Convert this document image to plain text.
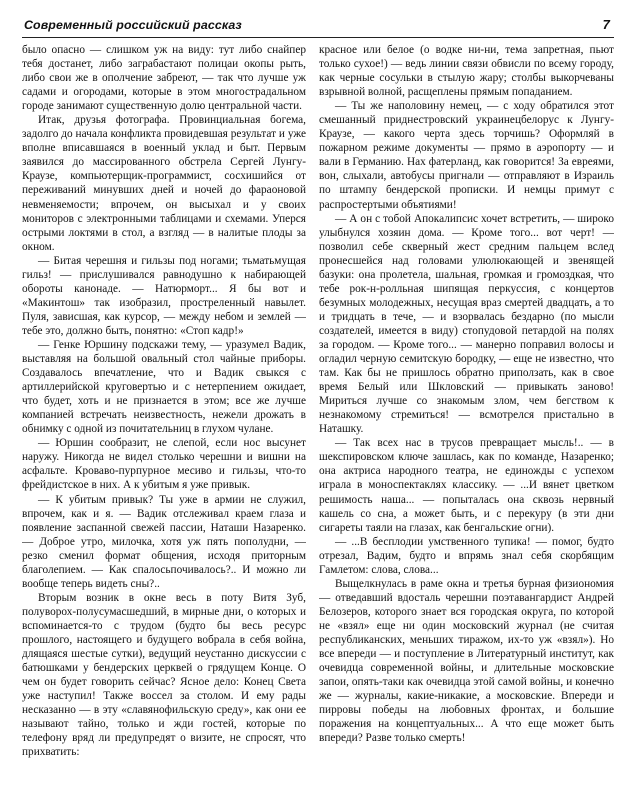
Современный российский рассказ	7

было опасно — слишком уж на виду: тут либо снайпер тебя достанет, либо заграбастают полицаи окопы рыть, либо свои же в ополчение забреют, — так что лучше уж садами и огородами, которые в этом многострадальном городе занимают существенную долю центральной части.

Итак, друзья фотографа. Провинциальная богема, задолго до начала конфликта провидевшая результат и уже вполне вписавшаяся в военный уклад и быт. Первым заявился до массированного обстрела Сергей Лунгу-Краузе, компьютерщик-программист, сосхишийся от переживаний минувших дней и ночей до фараоновой невменяемости; впрочем, он высыхал и у своих мониторов с электронными таблицами и схемами. Уперся острыми локтями в стол, а взгляд — в налитые плоды за окном.

— Битая черешня и гильзы под ногами; тьматьмущая гильз! — прислушивался равнодушно к набирающей обороты канонаде. — Натюрморт... Я бы вот и «Макинтош» так изобразил, простреленный навылет. Пуля, зависшая, как курсор, — между небом и землей — тебе это, должно быть, понятно: «Стоп кадр!»

— Генке Юршину подскажи тему, — уразумел Вадик, выставляя на большой овальный стол чайные приборы. Создавалось впечатление, что и Вадик свыкся с артиллерийской круговертью и с нетерпением ожидает, что будет, хоть и не признается в этом; все же лучше компанией встречать неизвестность, нежели дрожать в обнимку с одной из почитательниц в глухом чулане.

— Юршин сообразит, не слепой, если нос высунет наружу. Никогда не видел столько черешни и вишни на асфальте. Кроваво-пурпурное месиво и гильзы, что-то фрейдистское в них. А к убитым я уже привык.

— К убитым привык? Ты уже в армии не служил, впрочем, как и я. — Вадик отслеживал краем глаза и появление заспанной свежей пассии, Наташи Назаренко. — Доброе утро, милочка, хотя уж пять пополудни, — резко сменил формат общения, исходя приторным благолепием. — Как спалосьпочивалось?.. И можно ли вообще теперь видеть сны?..

Вторым возник в окне весь в поту Витя Зуб, полуворох-полусумасшедший, в мирные дни, о которых и вспоминается-то с трудом (будто бы весь ресурс прошлого, настоящего и будущего вобрала в себя война, длящаяся шестые сутки), ведущий неустанно дискуссии с батюшками у бендерских церквей о грядущем Конце. О чем он будет говорить сейчас? Ясное дело: Конец Света уже наступил! Также воссел за столом. И ему рады несказанно — в эту «славянофильскую среду», как они ее называют тайно, только и жди гостей, которые по телефону вряд ли предупредят о визите, не спросят, что прихватить:

красное или белое (о водке ни-ни, тема запретная, пьют только сухое!) — ведь линии связи обвисли по всему городу, как черные сосульки в стылую жару; столбы выкорчеваны взрывной волной, расщеплены прямым попаданием.

— Ты же наполовину немец, — с ходу обратился этот смешанный приднестровский украинецбелорус к Лунгу-Краузе, — какого черта здесь торчишь? Оформляй в пожарном режиме документы — прямо в аэропорту — и вали в Германию. Нах фатерланд, как говорится! За евреями, вон, слыхали, автобусы пригнали — отправляют в Израиль по штампу бендерской прописки. И немцы примут с распростертыми объятиями!

— А он с тобой Апокалипсис хочет встретить, — широко улыбнулся хозяин дома. — Кроме того... вот черт! — позволил себе скверный жест средним пальцем вслед пронесшейся над головами улюлюкающей и звенящей базуки: она пролетела, шальная, громкая и громоздкая, что тебе рок-н-ролльная шипящая перкуссия, с концертов безумных молодежных, несущая враз смертей двадцать, а то и тридцать в тече, — и взорвалась бездарно (по мысли создателей, имеется в виду) стопудовой петардой на полях за городом. — Кроме того... — манерно поправил волосы и огладил черную семитскую бородку, — еще не известно, что там. Как бы не пришлось обратно приползать, как в свое время Белый или Шкловский — привыкать заново! Мириться лучше со знакомым злом, чем бегством к незнакомому стремиться! — всмотрелся пристально в Наташку.

— Так всех нас в трусов превращает мысль!.. — в шекспировском ключе зашлась, как по команде, Назаренко; она актриса народного театра, не единожды с успехом играла в моноспектаклях классику. — ...И вянет цветком решимость наша... — попыталась она сквозь нервный кашель со сна, а может быть, и с перекуру (в эти дни сигареты таяли на глазах, как бенгальские огни).

— ...В бесплодии умственного тупика! — помог, будто отрезал, Вадим, будто и впрямь знал себя скорбящим Гамлетом: слова, слова...

Выщелкнулась в раме окна и третья бурная физиономия — отведавший вдосталь черешни поэтавангардист Андрей Белозеров, которого знает вся городская округа, по которой не «взял» еще ни один московский журнал (не считая республиканских, меньших тиражом, их-то уж «взял»). Но все впереди — и поступление в Литературный институт, как очевидца современной войны, и длительные московские запои, опять-таки как очевидца этой самой войны, и конечно же — журналы, какие-никакие, а московские. Впереди и пирровы победы на любовных фронтах, и большие поражения на концептуальных... А что еще может быть впереди? Разве только смерть!
